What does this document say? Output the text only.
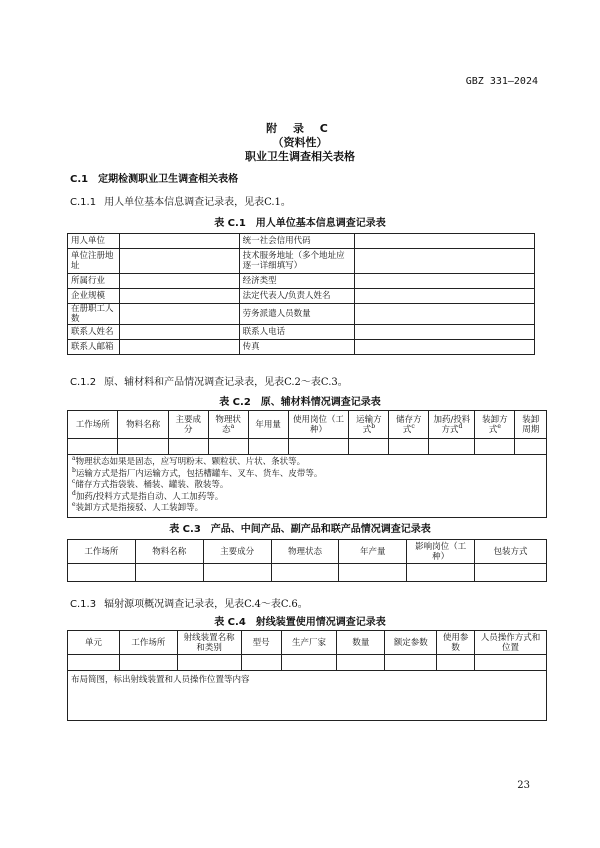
GBZ 331—2024
附 录 C
（资料性）
职业卫生调查相关表格
C.1 定期检测职业卫生调查相关表格
C.1.1 用人单位基本信息调查记录表，见表C.1。
表 C.1　用人单位基本信息调查记录表
用人单位		统一社会信用代码	
单位注册地址		技术服务地址（多个地址应逐一详细填写）	
所属行业		经济类型	
企业规模		法定代表人/负责人姓名	
在册职工人数		劳务派遣人员数量	
联系人姓名		联系人电话	
联系人邮箱		传真	
C.1.2 原、辅材料和产品情况调查记录表，见表C.2～表C.3。
表 C.2　原、辅材料情况调查记录表
工作场所	物料名称	主要成分	物理状态$^a$	年用量	使用岗位（工种）	运输方式$^b$	储存方式$^c$	加药/投料方式$^d$	装卸方式$^e$	装卸周期

$^a$物理状态如果是固态，应写明粉末、颗粒状、片状、条状等。
$^b$运输方式是指厂内运输方式，包括槽罐车、叉车、货车、皮带等。
$^c$储存方式指袋装、桶装、罐装、散装等。
$^d$加药/投料方式是指自动、人工加药等。
$^e$装卸方式是指接驳、人工装卸等。										
表 C.3　产品、中间产品、副产品和联产品情况调查记录表
工作场所	物料名称	主要成分	物理状态	年产量	影响岗位（工种）	包装方式

C.1.3 辐射源项概况调查记录表，见表C.4～表C.6。
表 C.4　射线装置使用情况调查记录表
单元	工作场所	射线装置名称和类别	型号	生产厂家	数量	额定参数	使用参数	人员操作方式和位置

布局简图，标出射线装置和人员操作位置等内容								
23
